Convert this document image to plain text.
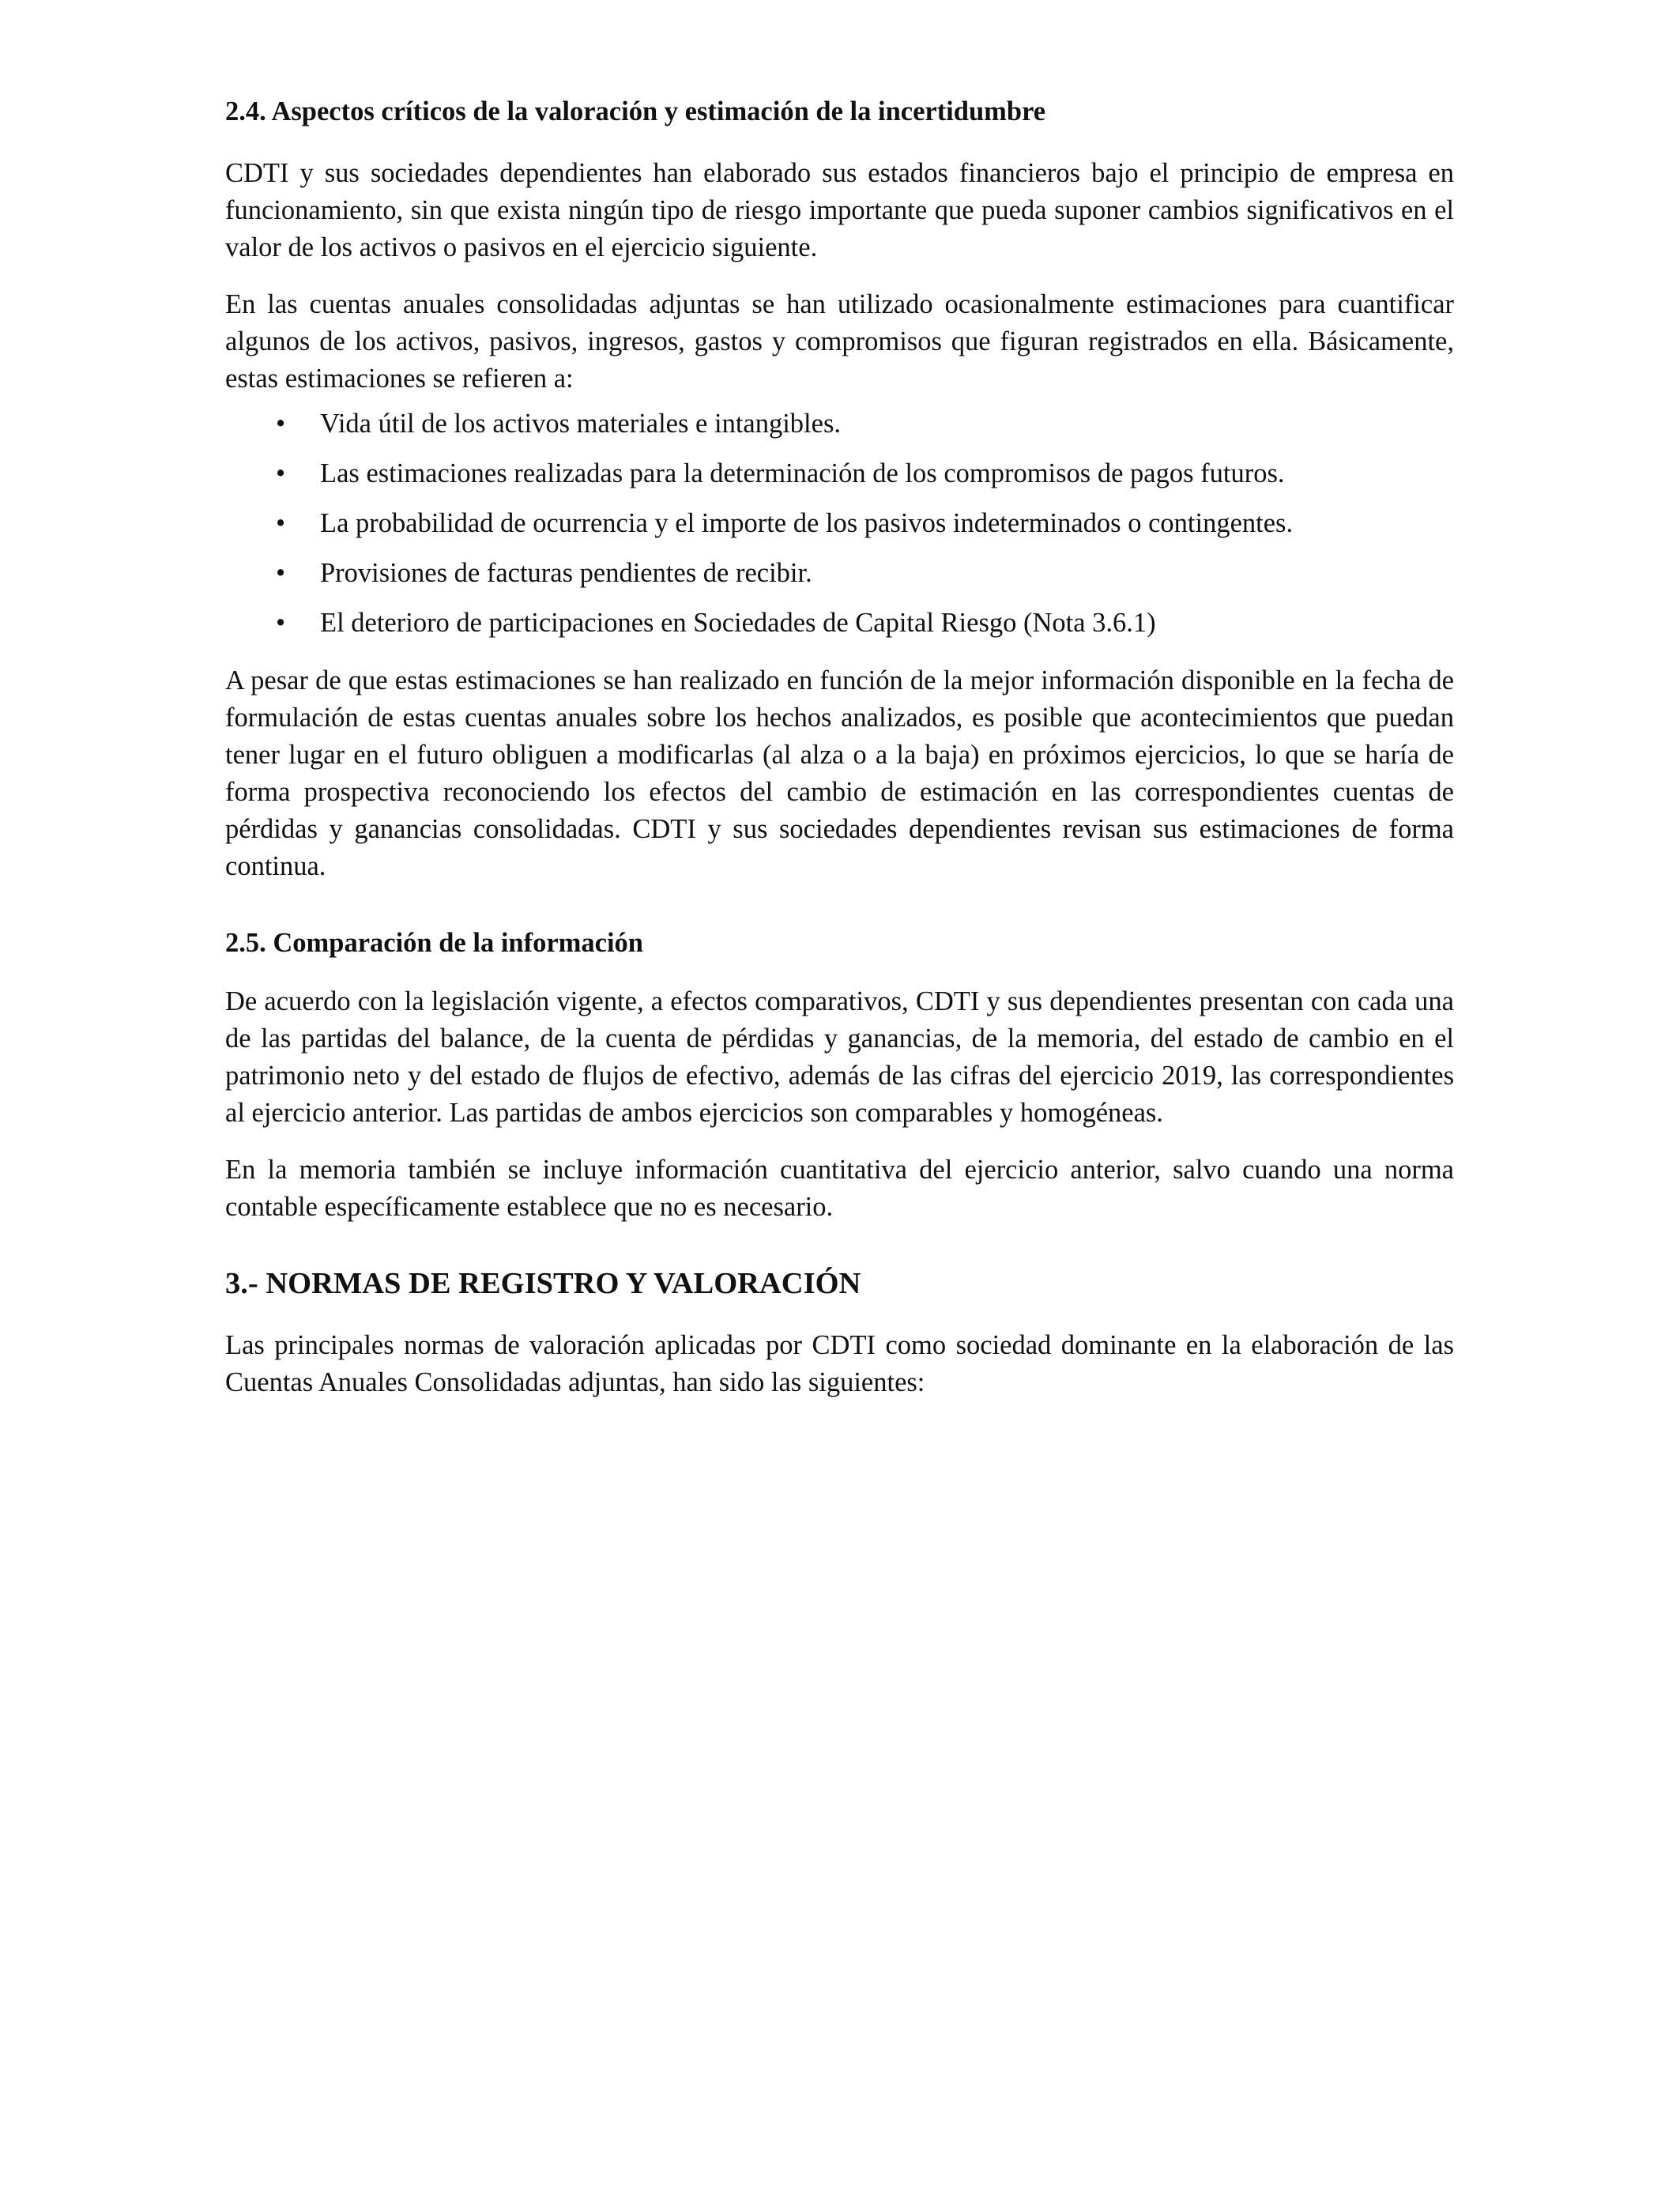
2.4. Aspectos críticos de la valoración y estimación de la incertidumbre

CDTI y sus sociedades dependientes han elaborado sus estados financieros bajo el principio de empresa en funcionamiento, sin que exista ningún tipo de riesgo importante que pueda suponer cambios significativos en el valor de los activos o pasivos en el ejercicio siguiente.

En las cuentas anuales consolidadas adjuntas se han utilizado ocasionalmente estimaciones para cuantificar algunos de los activos, pasivos, ingresos, gastos y compromisos que figuran registrados en ella. Básicamente, estas estimaciones se refieren a:

• Vida útil de los activos materiales e intangibles.
• Las estimaciones realizadas para la determinación de los compromisos de pagos futuros.
• La probabilidad de ocurrencia y el importe de los pasivos indeterminados o contingentes.
• Provisiones de facturas pendientes de recibir.
• El deterioro de participaciones en Sociedades de Capital Riesgo (Nota 3.6.1)

A pesar de que estas estimaciones se han realizado en función de la mejor información disponible en la fecha de formulación de estas cuentas anuales sobre los hechos analizados, es posible que acontecimientos que puedan tener lugar en el futuro obliguen a modificarlas (al alza o a la baja) en próximos ejercicios, lo que se haría de forma prospectiva reconociendo los efectos del cambio de estimación en las correspondientes cuentas de pérdidas y ganancias consolidadas. CDTI y sus sociedades dependientes revisan sus estimaciones de forma continua.

2.5. Comparación de la información

De acuerdo con la legislación vigente, a efectos comparativos, CDTI y sus dependientes presentan con cada una de las partidas del balance, de la cuenta de pérdidas y ganancias, de la memoria, del estado de cambio en el patrimonio neto y del estado de flujos de efectivo, además de las cifras del ejercicio 2019, las correspondientes al ejercicio anterior. Las partidas de ambos ejercicios son comparables y homogéneas.

En la memoria también se incluye información cuantitativa del ejercicio anterior, salvo cuando una norma contable específicamente establece que no es necesario.

3.- NORMAS DE REGISTRO Y VALORACIÓN

Las principales normas de valoración aplicadas por CDTI como sociedad dominante en la elaboración de las Cuentas Anuales Consolidadas adjuntas, han sido las siguientes:
